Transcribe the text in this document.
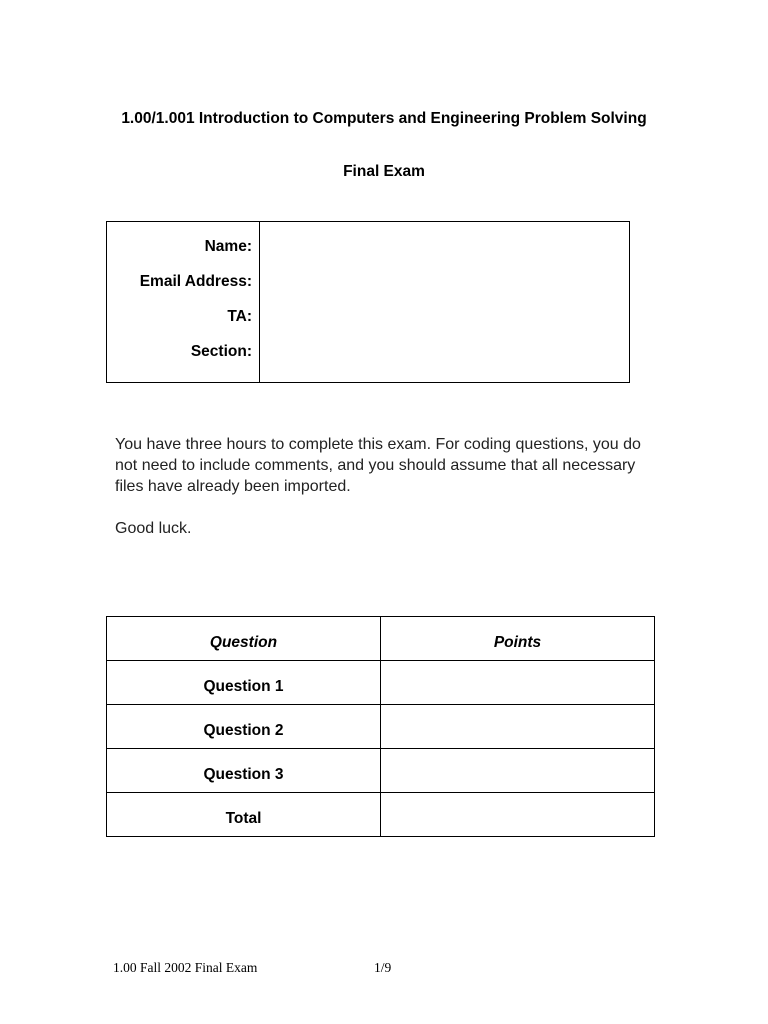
1.00/1.001 Introduction to Computers and Engineering Problem Solving
Final Exam
Name:
Email Address:
TA:
Section:
You have three hours to complete this exam. For coding questions, you do not need to include comments, and you should assume that all necessary files have already been imported.
Good luck.
Question	Points
Question 1	
Question 2	
Question 3	
Total	
1.00 Fall 2002 Final Exam	1/9
